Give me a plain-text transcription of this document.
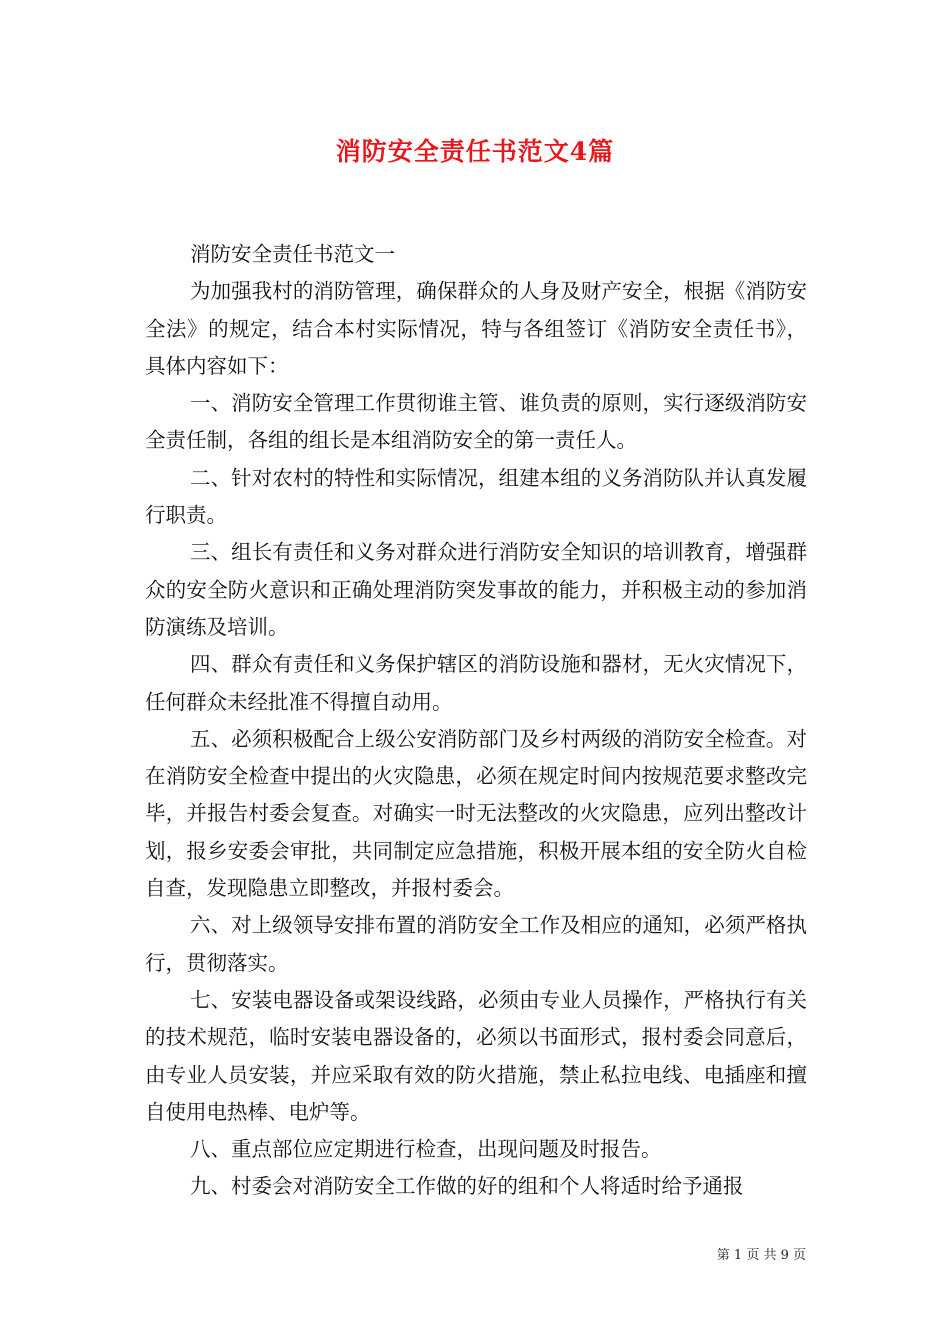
消防安全责任书范文4篇

消防安全责任书范文一

为加强我村的消防管理，确保群众的人身及财产安全，根据《消防安全法》的规定，结合本村实际情况，特与各组签订《消防安全责任书》，具体内容如下：

一、消防安全管理工作贯彻谁主管、谁负责的原则，实行逐级消防安全责任制，各组的组长是本组消防安全的第一责任人。

二、针对农村的特性和实际情况，组建本组的义务消防队并认真发履行职责。

三、组长有责任和义务对群众进行消防安全知识的培训教育，增强群众的安全防火意识和正确处理消防突发事故的能力，并积极主动的参加消防演练及培训。

四、群众有责任和义务保护辖区的消防设施和器材，无火灾情况下，任何群众未经批准不得擅自动用。

五、必须积极配合上级公安消防部门及乡村两级的消防安全检查。对在消防安全检查中提出的火灾隐患，必须在规定时间内按规范要求整改完毕，并报告村委会复查。对确实一时无法整改的火灾隐患，应列出整改计划，报乡安委会审批，共同制定应急措施，积极开展本组的安全防火自检自查，发现隐患立即整改，并报村委会。

六、对上级领导安排布置的消防安全工作及相应的通知，必须严格执行，贯彻落实。

七、安装电器设备或架设线路，必须由专业人员操作，严格执行有关的技术规范，临时安装电器设备的，必须以书面形式，报村委会同意后，由专业人员安装，并应采取有效的防火措施，禁止私拉电线、电插座和擅自使用电热棒、电炉等。

八、重点部位应定期进行检查，出现问题及时报告。

九、村委会对消防安全工作做的好的组和个人将适时给予通报

第 1 页 共 9 页
